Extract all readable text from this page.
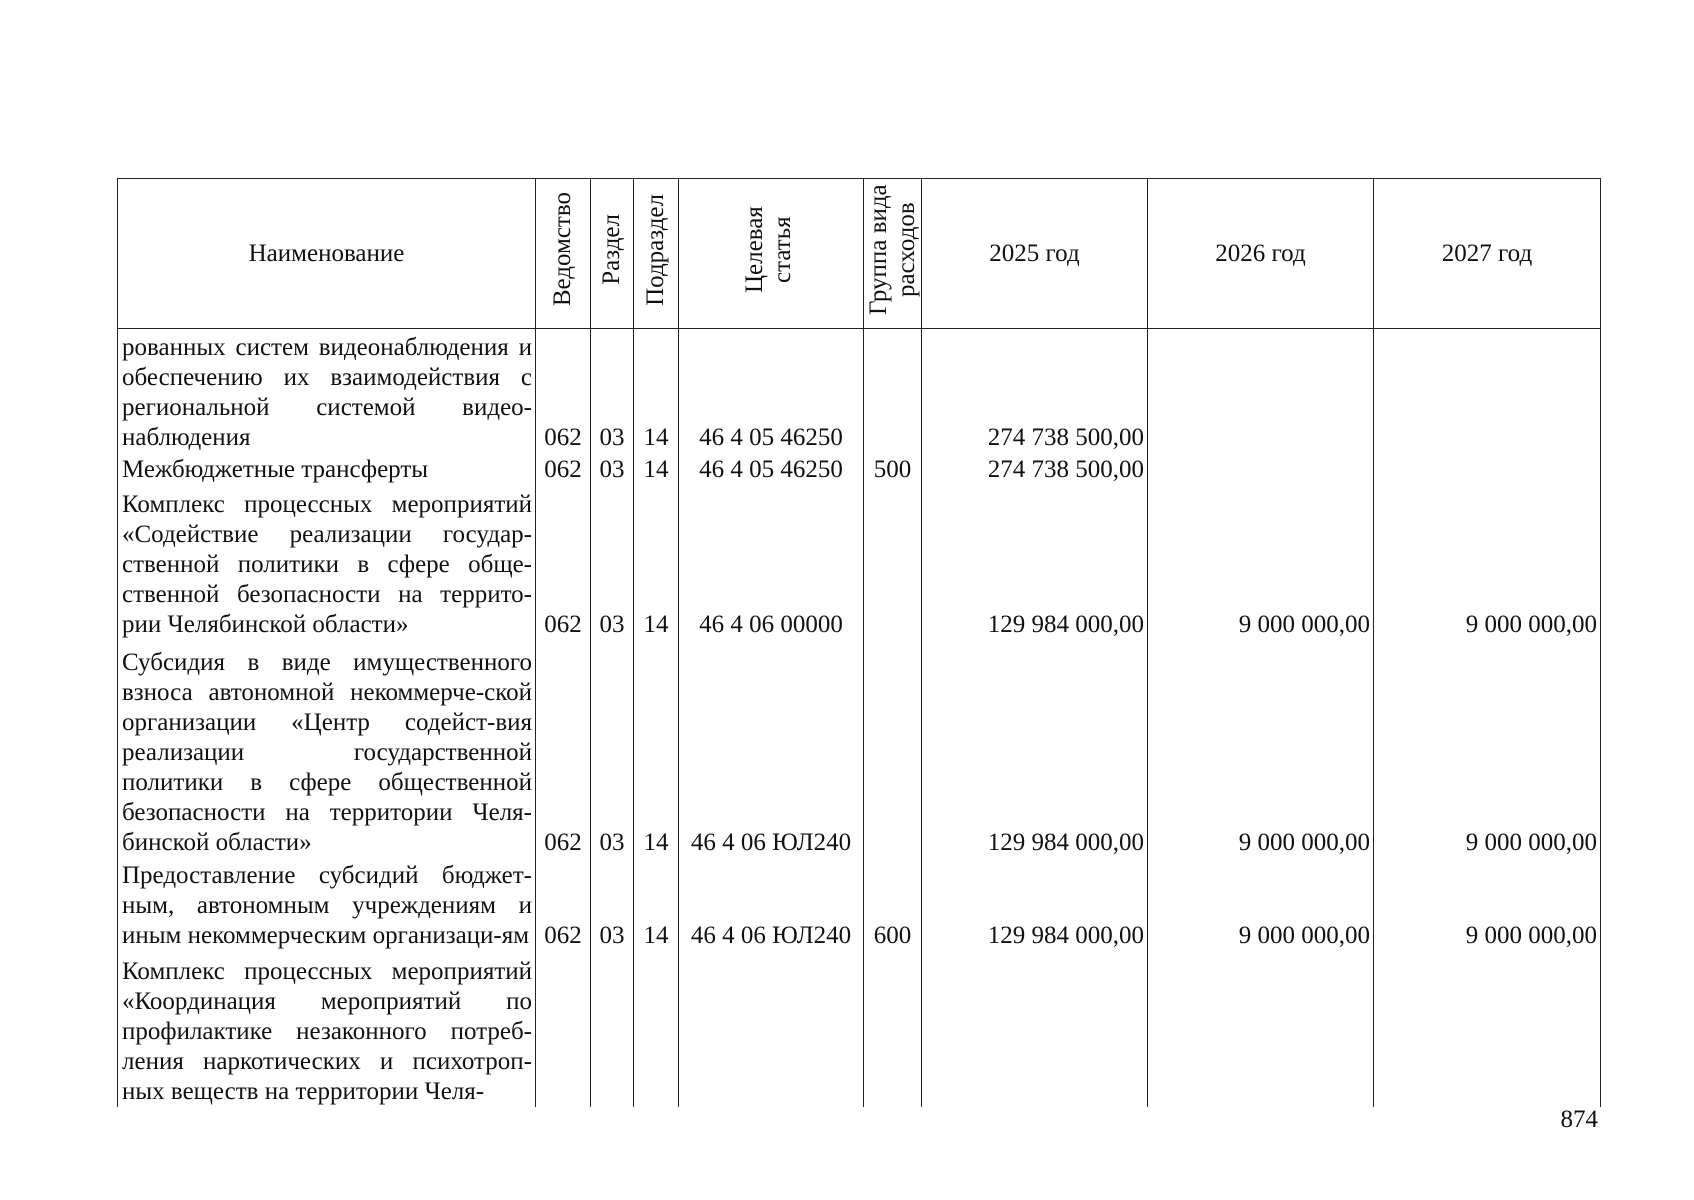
Наименование	Ведомство	Раздел	Подраздел	Целевая статья	Группа вида расходов	2025 год	2026 год	2027 год
рованных систем видеонаблюдения и обеспечению их взаимодействия с региональной системой видео-наблюдения	062	03	14	46 4 05 46250		274 738 500,00		
Межбюджетные трансферты	062	03	14	46 4 05 46250	500	274 738 500,00		
Комплекс процессных мероприятий «Содействие реализации государ-ственной политики в сфере обще-ственной безопасности на террито-рии Челябинской области»	062	03	14	46 4 06 00000		129 984 000,00	9 000 000,00	9 000 000,00
Субсидия в виде имущественного взноса автономной некоммерче-ской организации «Центр содейст-вия реализации государственной политики в сфере общественной безопасности на территории Челя-бинской области»	062	03	14	46 4 06 ЮЛ240		129 984 000,00	9 000 000,00	9 000 000,00
Предоставление субсидий бюджет-ным, автономным учреждениям и иным некоммерческим организаци-ям	062	03	14	46 4 06 ЮЛ240	600	129 984 000,00	9 000 000,00	9 000 000,00
Комплекс процессных мероприятий «Координация мероприятий по профилактике незаконного потреб-ления наркотических и психотроп-ных веществ на территории Челя-								
874
